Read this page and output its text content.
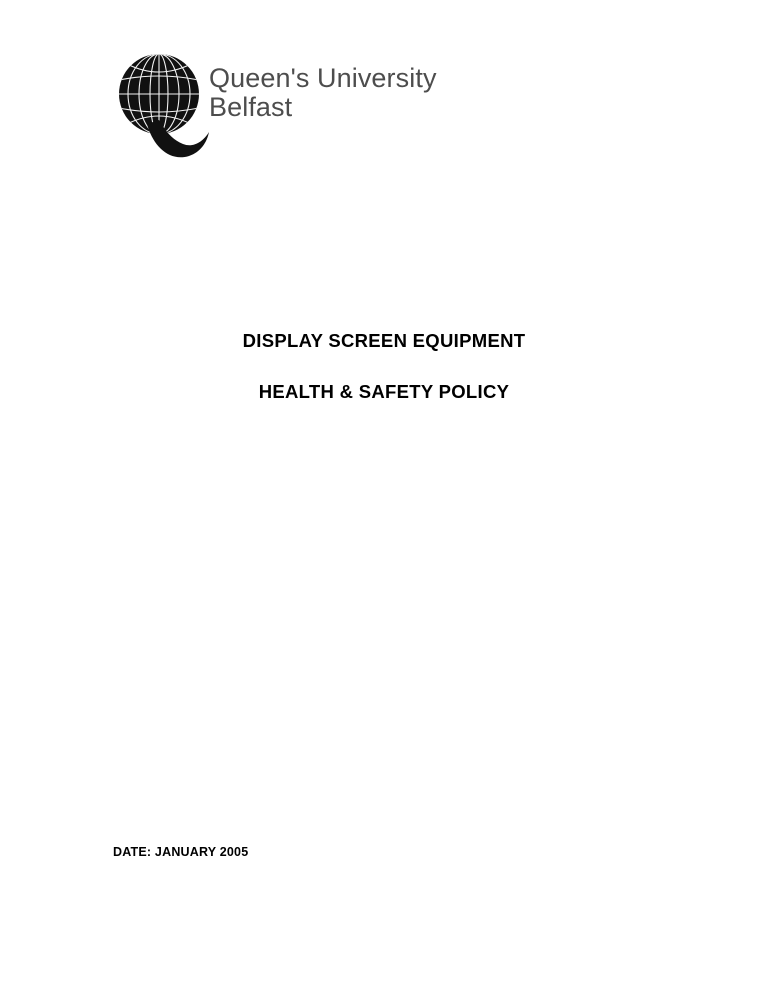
Queen's University
Belfast
DISPLAY SCREEN EQUIPMENT
HEALTH & SAFETY POLICY
DATE: JANUARY 2005
